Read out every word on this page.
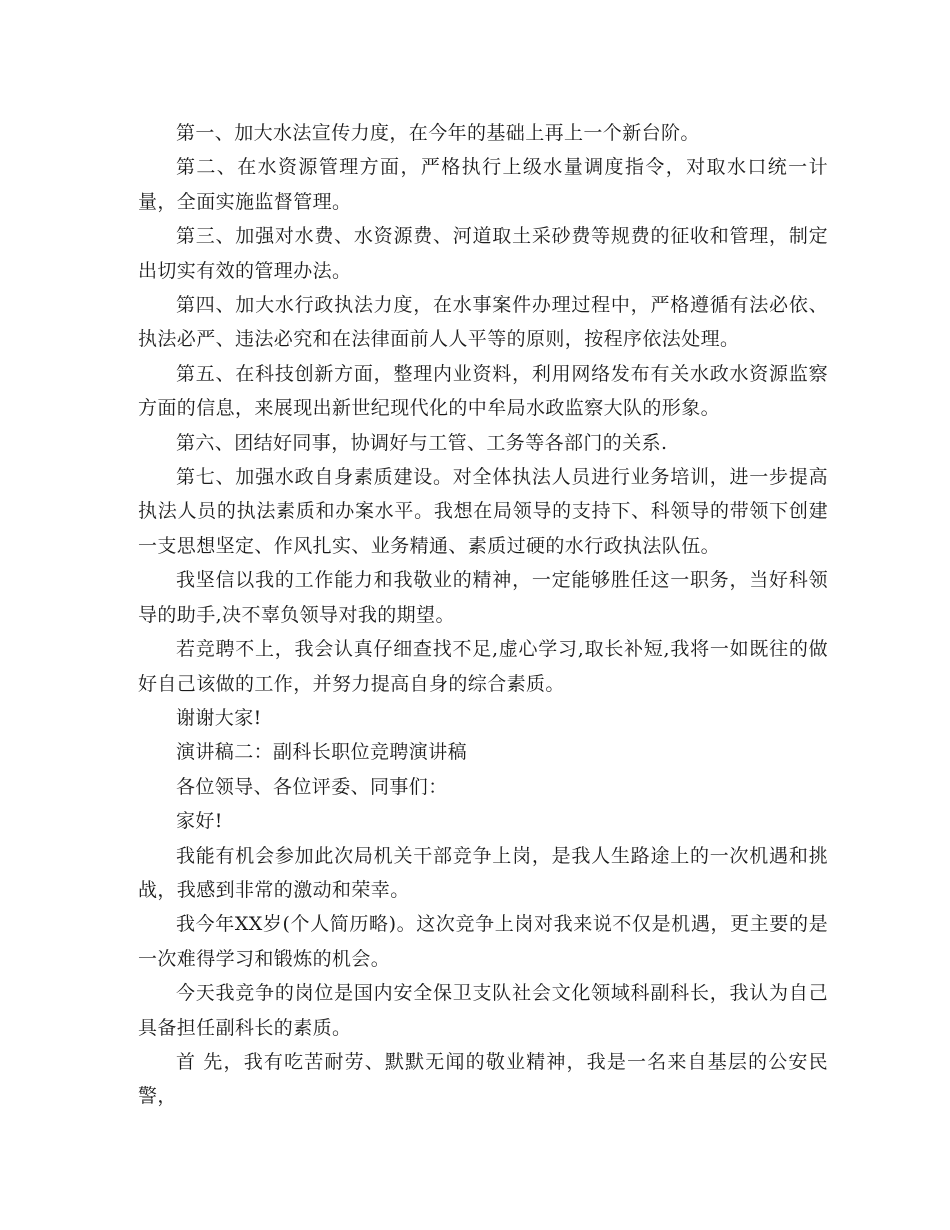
第一、加大水法宣传力度，在今年的基础上再上一个新台阶。

第二、在水资源管理方面，严格执行上级水量调度指令，对取水口统一计量，全面实施监督管理。

第三、加强对水费、水资源费、河道取土采砂费等规费的征收和管理，制定出切实有效的管理办法。

第四、加大水行政执法力度，在水事案件办理过程中，严格遵循有法必依、执法必严、违法必究和在法律面前人人平等的原则，按程序依法处理。

第五、在科技创新方面，整理内业资料，利用网络发布有关水政水资源监察方面的信息，来展现出新世纪现代化的中牟局水政监察大队的形象。

第六、团结好同事，协调好与工管、工务等各部门的关系.

第七、加强水政自身素质建设。对全体执法人员进行业务培训，进一步提高执法人员的执法素质和办案水平。我想在局领导的支持下、科领导的带领下创建一支思想坚定、作风扎实、业务精通、素质过硬的水行政执法队伍。

我坚信以我的工作能力和我敬业的精神，一定能够胜任这一职务，当好科领导的助手,决不辜负领导对我的期望。

若竞聘不上，我会认真仔细查找不足,虚心学习,取长补短,我将一如既往的做好自己该做的工作，并努力提高自身的综合素质。

谢谢大家!

演讲稿二：副科长职位竞聘演讲稿

各位领导、各位评委、同事们：

家好!

我能有机会参加此次局机关干部竞争上岗，是我人生路途上的一次机遇和挑战，我感到非常的激动和荣幸。

我今年XX岁(个人简历略)。这次竞争上岗对我来说不仅是机遇，更主要的是一次难得学习和锻炼的机会。

今天我竞争的岗位是国内安全保卫支队社会文化领域科副科长，我认为自己具备担任副科长的素质。

首 先，我有吃苦耐劳、默默无闻的敬业精神，我是一名来自基层的公安民警，
